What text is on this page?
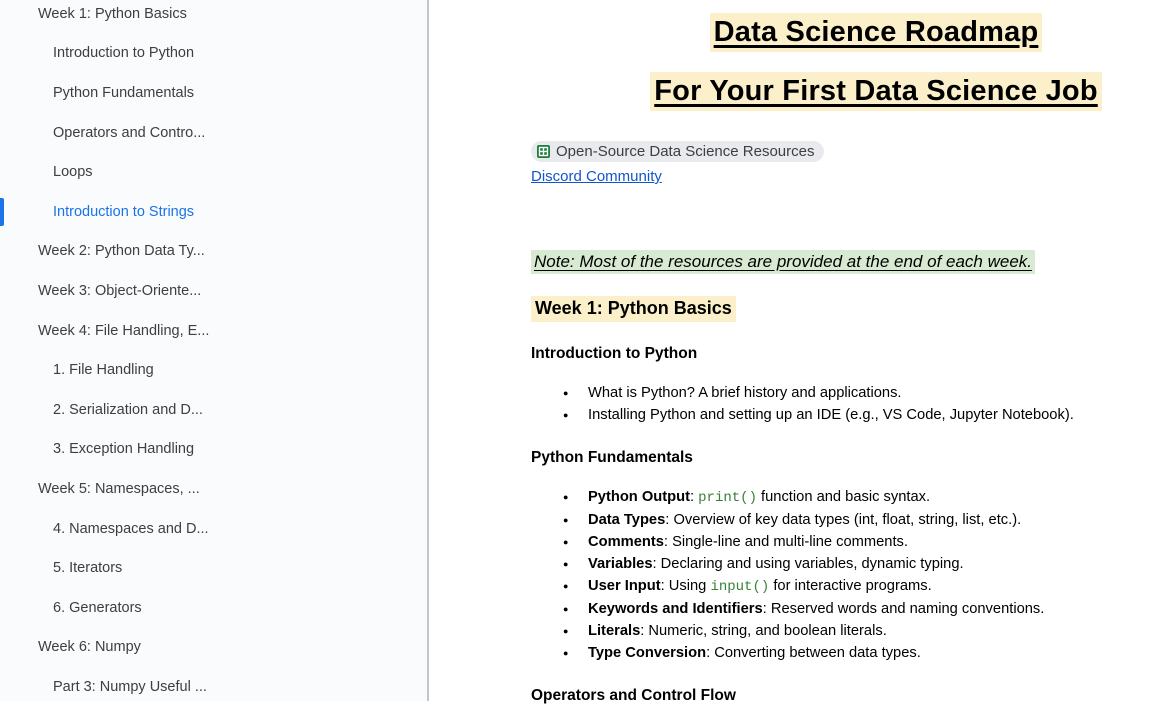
Week 1: Python Basics
Introduction to Python
Python Fundamentals
Operators and Contro...
Loops
Introduction to Strings
Week 2: Python Data Ty...
Week 3: Object-Oriente...
Week 4: File Handling, E...
1. File Handling
2. Serialization and D...
3. Exception Handling
Week 5: Namespaces, ...
4. Namespaces and D...
5. Iterators
6. Generators
Week 6: Numpy
Part 3: Numpy Useful ...
Data Science Roadmap
For Your First Data Science Job
Open-Source Data Science Resources
Discord Community
Note: Most of the resources are provided at the end of each week.
Week 1: Python Basics
Introduction to Python
● What is Python? A brief history and applications.
● Installing Python and setting up an IDE (e.g., VS Code, Jupyter Notebook).
Python Fundamentals
● Python Output: print() function and basic syntax.
● Data Types: Overview of key data types (int, float, string, list, etc.).
● Comments: Single-line and multi-line comments.
● Variables: Declaring and using variables, dynamic typing.
● User Input: Using input() for interactive programs.
● Keywords and Identifiers: Reserved words and naming conventions.
● Literals: Numeric, string, and boolean literals.
● Type Conversion: Converting between data types.
Operators and Control Flow
